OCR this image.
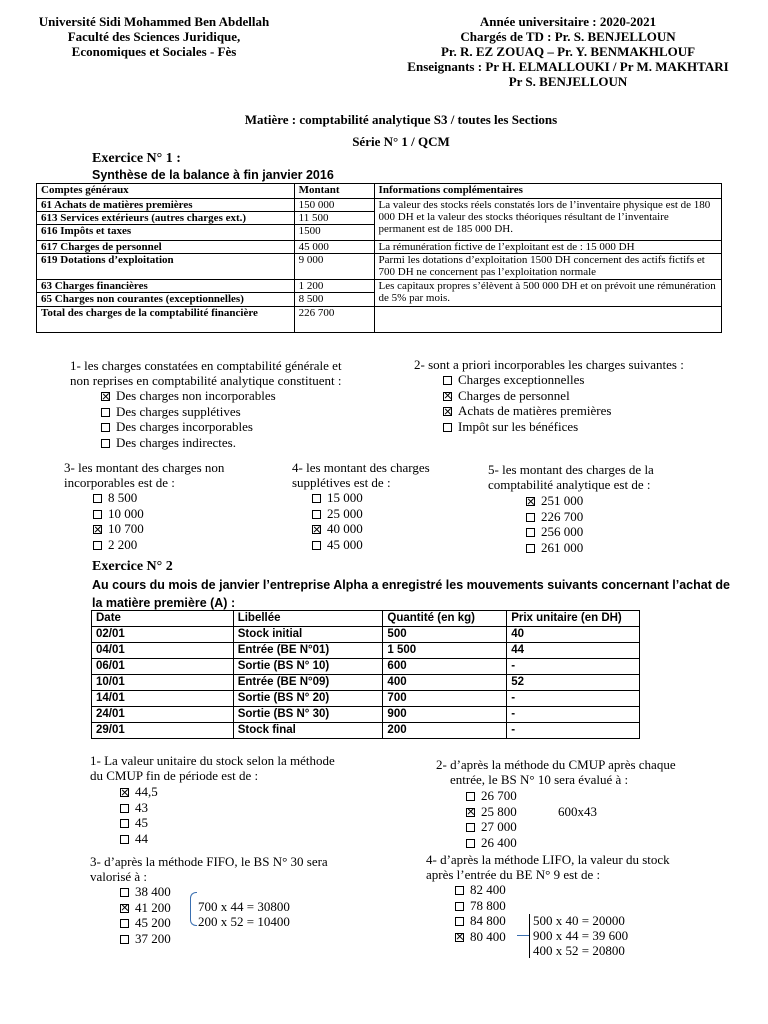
Université Sidi Mohammed Ben Abdellah
Faculté des Sciences Juridique,
Economiques et Sociales - Fès
Année universitaire : 2020-2021
Chargés de TD : Pr. S. BENJELLOUN
Pr. R. EZ ZOUAQ – Pr. Y. BENMAKHLOUF
Enseignants : Pr H. ELMALLOUKI / Pr M. MAKHTARI
Pr S. BENJELLOUN
Matière : comptabilité analytique S3 / toutes les Sections
Série N° 1 / QCM
Exercice N° 1 :
Synthèse de la balance à fin janvier 2016
Comptes généraux	Montant	Informations complémentaires
61 Achats de matières premières	150 000	La valeur des stocks réels constatés lors de l’inventaire physique est de 180 000 DH et la valeur des stocks théoriques résultant de l’inventaire permanent est de 185 000 DH.
613 Services extérieurs (autres charges ext.)	11 500	
616 Impôts et taxes	1500	
617 Charges de personnel	45 000	La rémunération fictive de l’exploitant est de : 15 000 DH
619 Dotations d’exploitation	9 000	Parmi les dotations d’exploitation 1500 DH concernent des actifs fictifs et 700 DH ne concernent pas l’exploitation normale
63 Charges financières	1 200	Les capitaux propres s’élèvent à 500 000 DH et on prévoit une rémunération de 5% par mois.
65 Charges non courantes (exceptionnelles)	8 500	
Total des charges de la comptabilité financière	226 700	
1- les charges constatées en comptabilité générale et
non reprises en comptabilité analytique constituent :
Des charges non incorporables
Des charges supplétives
Des charges incorporables
Des charges indirectes.
2- sont a priori incorporables les charges suivantes :
Charges exceptionnelles
Charges de personnel
Achats de matières premières
Impôt sur les bénéfices
3- les montant des charges non
incorporables est de :
8 500
10 000
10 700
2 200
4- les montant des charges
supplétives est de :
15 000
25 000
40 000
45 000
5- les montant des charges de la
comptabilité analytique est de :
251 000
226 700
256 000
261 000
Exercice N° 2
Au cours du mois de janvier l’entreprise Alpha a enregistré les mouvements suivants concernant l’achat de
la matière première (A) :
Date	Libellée	Quantité (en kg)	Prix unitaire (en DH)
02/01	Stock initial	500	40
04/01	Entrée (BE N°01)	1 500	44
06/01	Sortie (BS N° 10)	600	-
10/01	Entrée (BE N°09)	400	52
14/01	Sortie (BS N° 20)	700	-
24/01	Sortie (BS N° 30)	900	-
29/01	Stock final	200	-
1- La valeur unitaire du stock selon la méthode
du CMUP fin de période est de :
44,5
43
45
44
2- d’après la méthode du CMUP après chaque
entrée, le BS N° 10 sera évalué à :
26 700
25 800
27 000
26 400
600x43
3- d’après la méthode FIFO, le BS N° 30 sera
valorisé à :
38 400
41 200
45 200
37 200
700 x 44 = 30800
200 x 52 = 10400
4- d’après la méthode LIFO, la valeur du stock
après l’entrée du BE N° 9 est de :
82 400
78 800
84 800
80 400
500 x 40 = 20000
900 x 44 = 39 600
400 x 52 = 20800
